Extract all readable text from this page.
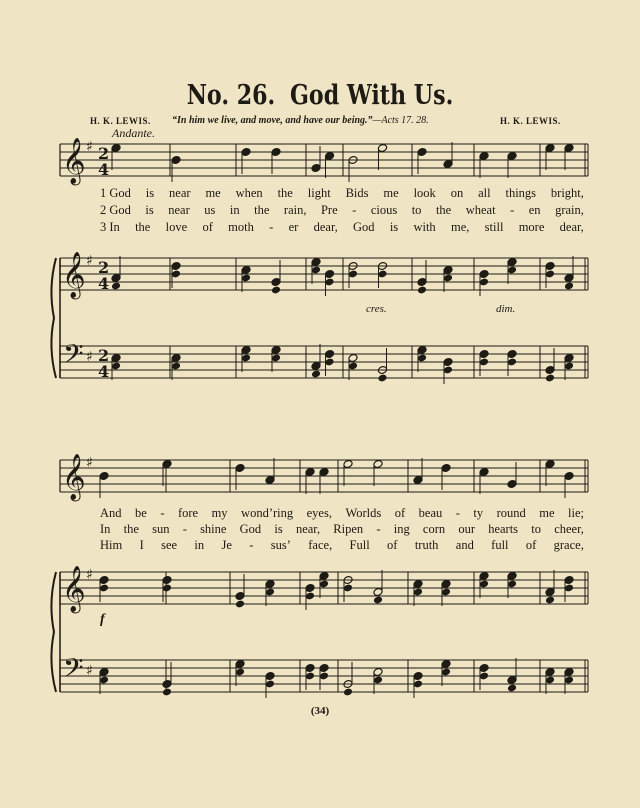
No. 26. God With Us.
H. K. LEWIS. “In him we live, and move, and have our being.”—Acts 17. 28.	H. K. LEWIS.
Andante.
𝄞 ♯ 2
4
𝄞 ♯ 2
4
𝄢 ♯ 2
4
𝄞 ♯
𝄞 ♯
𝄢 ♯
1 God is near me when the light Bids me look on all things bright,
2 God is near us in the rain, Pre - cious to the wheat - en grain,
3 In the love of moth - er dear, God is with me, still more dear,
cres.	dim.
And be - fore my wond’ring eyes, Worlds of beau - ty round me lie;
In the sun - shine God is near, Ripen - ing corn our hearts to cheer,
Him I see in Je - sus’ face, Full of truth and full of grace,
f
(34)
